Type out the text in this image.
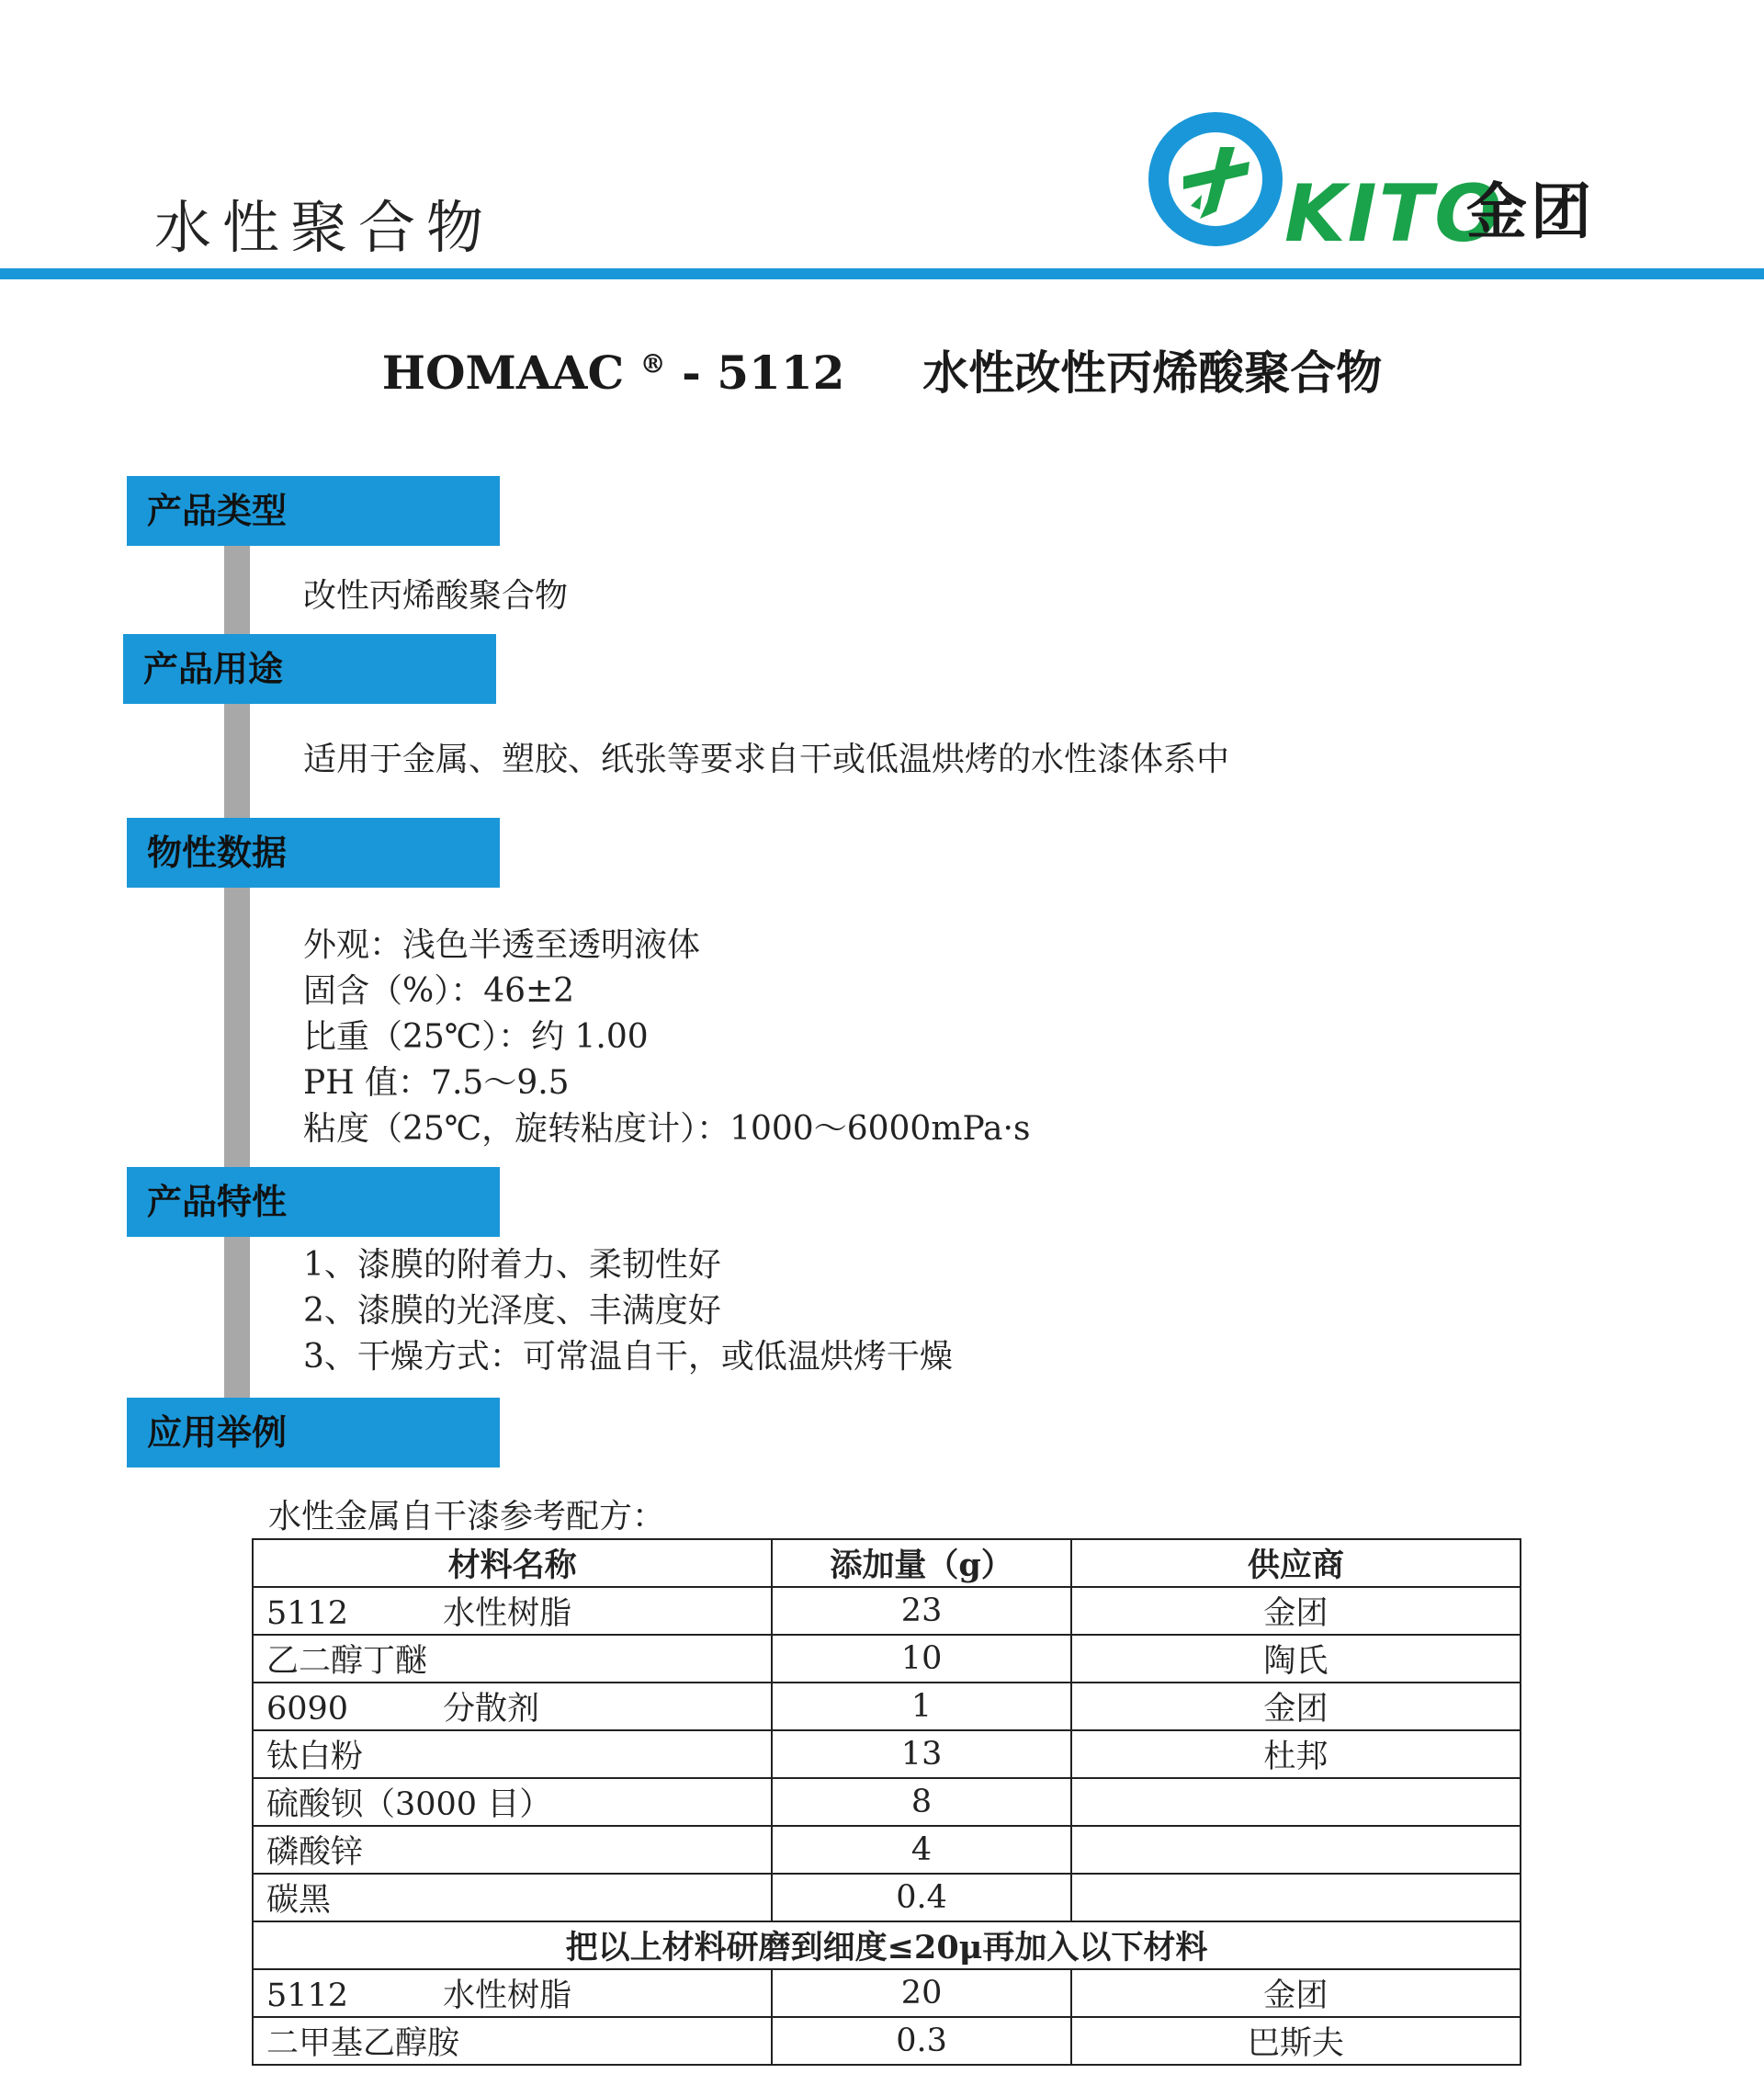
水性聚合物	KITO
金团
HOMAAC ® - 5112 水性改性丙烯酸聚合物
产品类型
改性丙烯酸聚合物
产品用途
适用于金属、塑胶、纸张等要求自干或低温烘烤的水性漆体系中
物性数据
外观：浅色半透至透明液体
固含（%）：46±2
比重（25℃）：约 1.00
PH 值：7.5～9.5
粘度（25℃，旋转粘度计）：1000～6000mPa·s
产品特性
1、漆膜的附着力、柔韧性好
2、漆膜的光泽度、丰满度好
3、干燥方式：可常温自干，或低温烘烤干燥
应用举例
水性金属自干漆参考配方：
材料名称	添加量（g）	供应商
5112 水性树脂	23	金团
乙二醇丁醚	10	陶氏
6090 分散剂	1	金团
钛白粉	13	杜邦
硫酸钡（3000 目）	8	
磷酸锌	4	
碳黑	0.4	
把以上材料研磨到细度≤20μ再加入以下材料		
5112 水性树脂	20	金团
二甲基乙醇胺	0.3	巴斯夫
